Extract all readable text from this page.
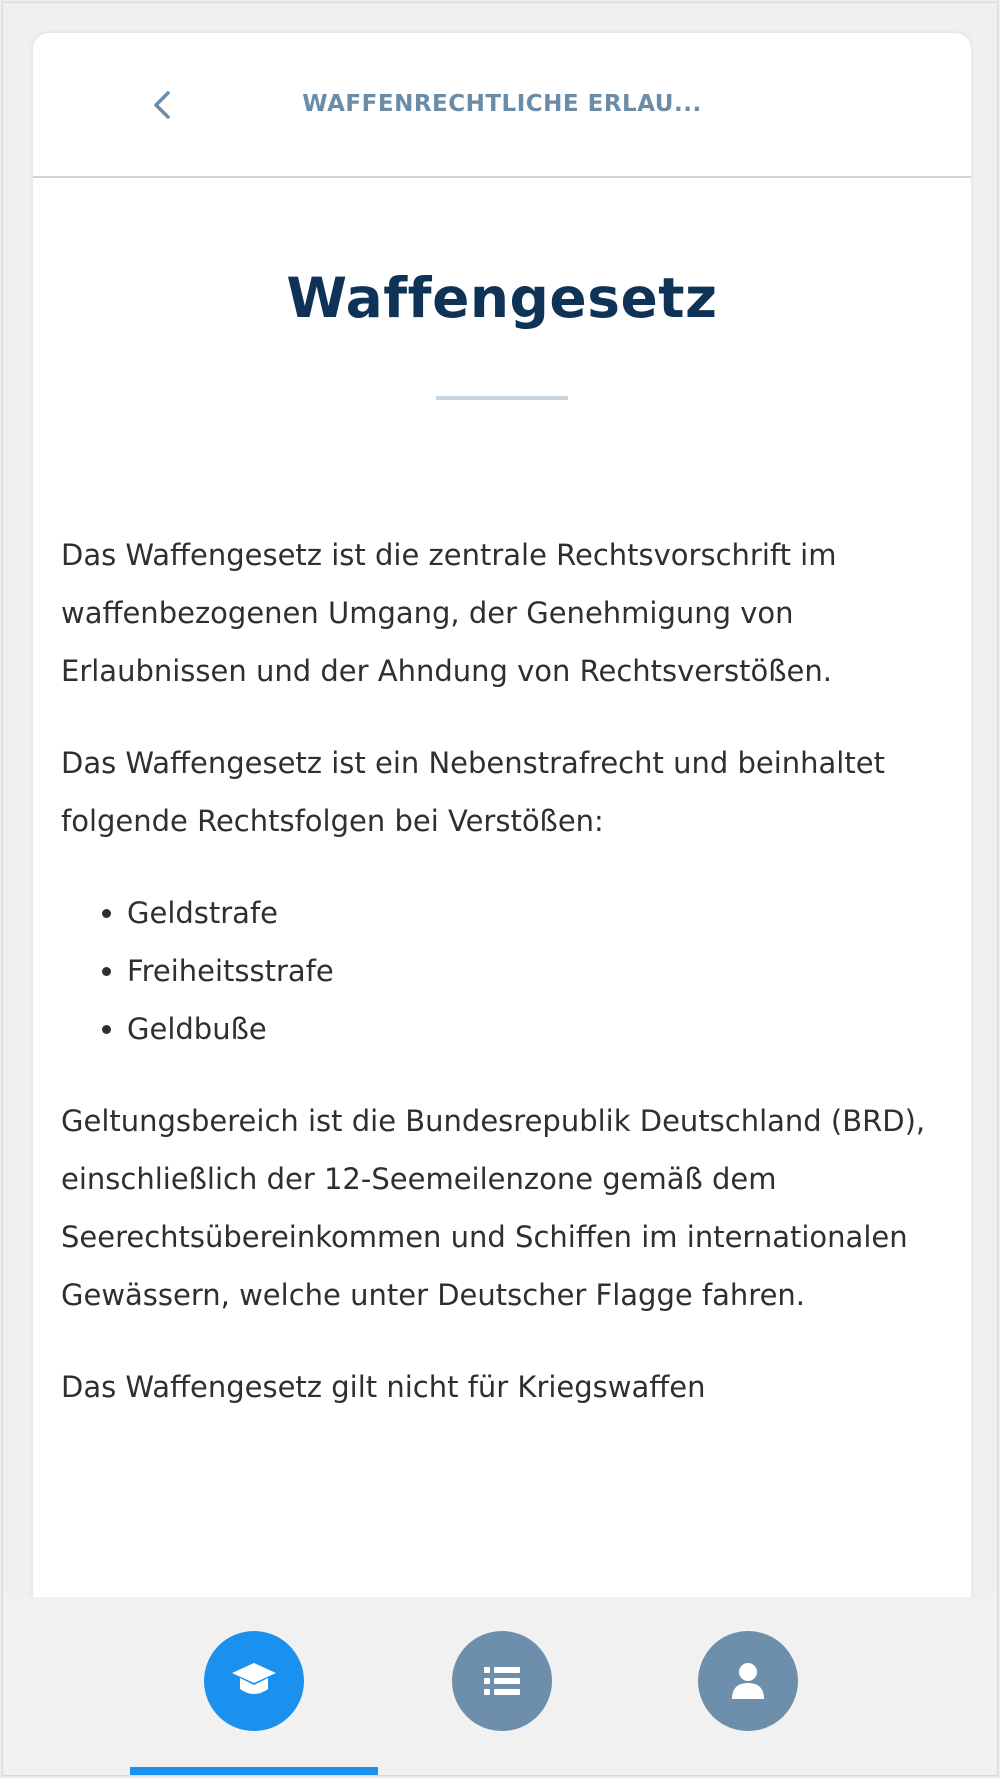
WAFFENRECHTLICHE ERLAU...
Waffengesetz

Das Waffengesetz ist die zentrale Rechtsvorschrift im waffenbezogenen Umgang, der Genehmigung von Erlaubnissen und der Ahndung von Rechtsverstößen.

Das Waffengesetz ist ein Nebenstrafrecht und beinhaltet folgende Rechtsfolgen bei Verstößen:

• Geldstrafe
• Freiheitsstrafe
• Geldbuße

Geltungsbereich ist die Bundesrepublik Deutschland (BRD), einschließlich der 12-Seemeilenzone gemäß dem Seerechtsübereinkommen und Schiffen im internationalen Gewässern, welche unter Deutscher Flagge fahren.

Das Waffengesetz gilt nicht für Kriegswaffen
